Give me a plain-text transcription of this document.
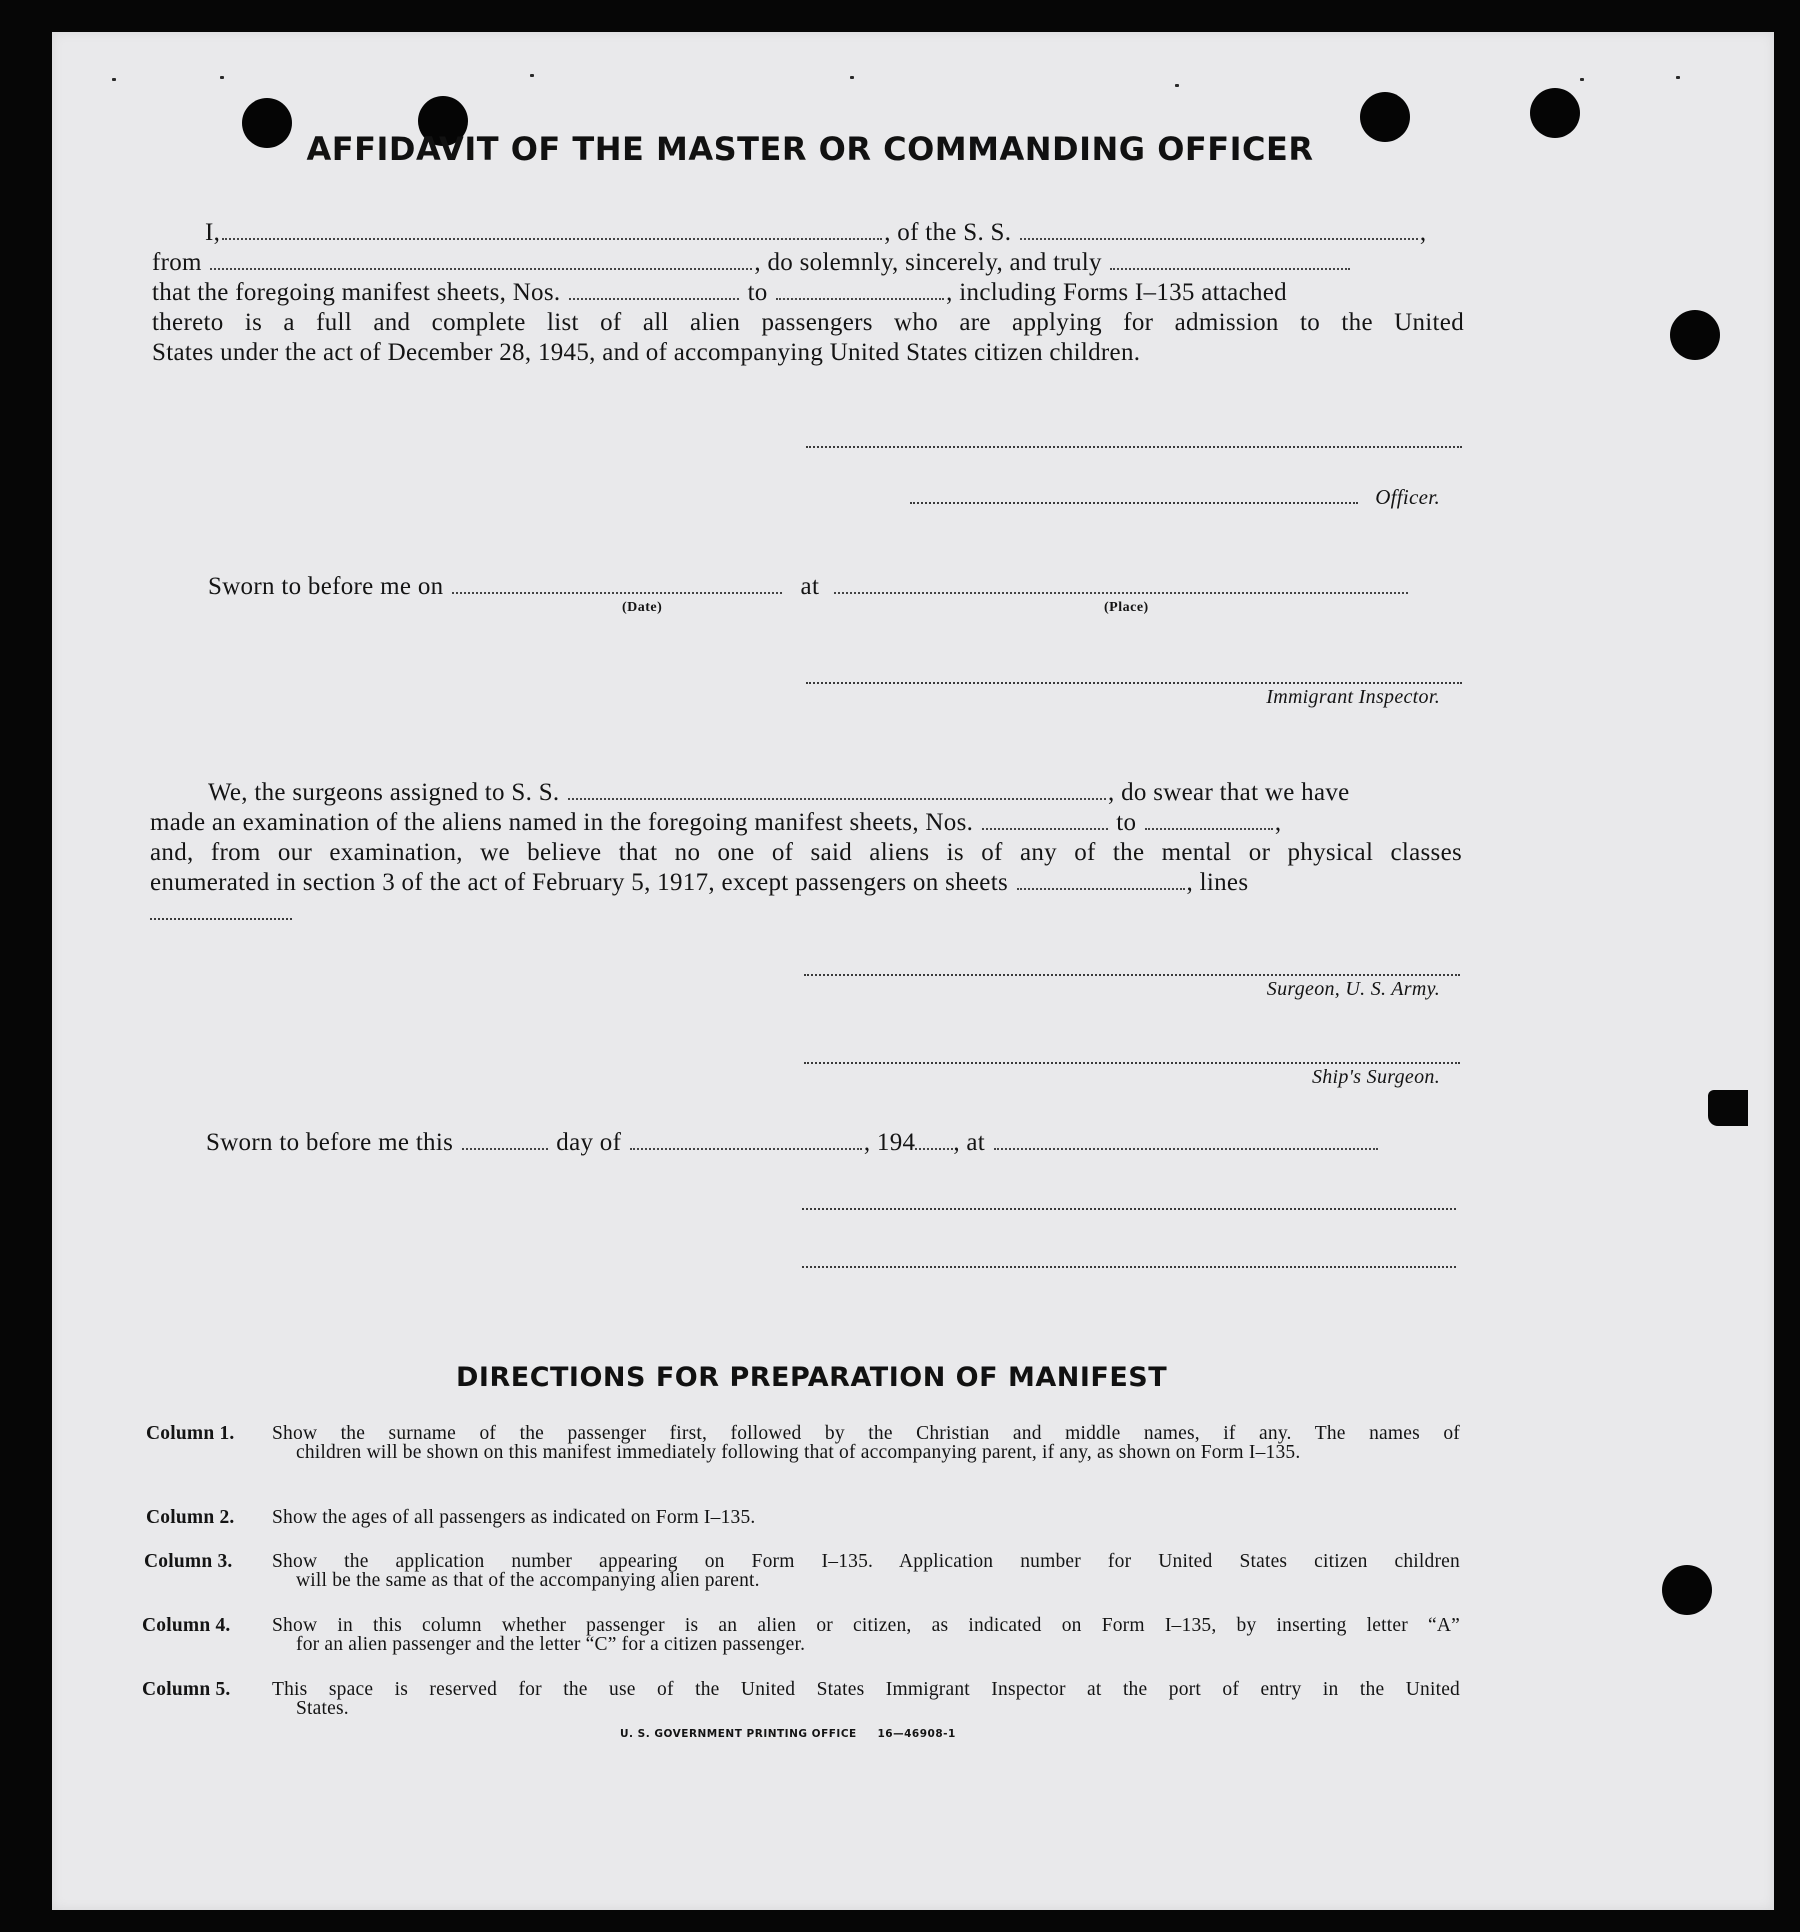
AFFIDAVIT OF THE MASTER OR COMMANDING OFFICER
I,	, of the S. S.	,
from	, do solemnly, sincerely, and truly
that the foregoing manifest sheets, Nos.	to	, including Forms I–135 attached
thereto is a full and complete list of all alien passengers who are applying for admission to the United
States under the act of December 28, 1945, and of accompanying United States citizen children.
Officer.
Sworn to before me on	at
(Date)	(Place)
Immigrant Inspector.
We, the surgeons assigned to S. S.	, do swear that we have
made an examination of the aliens named in the foregoing manifest sheets, Nos.	to	,
and, from our examination, we believe that no one of said aliens is of any of the mental or physical classes
enumerated in section 3 of the act of February 5, 1917, except passengers on sheets	, lines
Surgeon, U. S. Army.
Ship's Surgeon.
Sworn to before me this	day of	, 194 , at
DIRECTIONS FOR PREPARATION OF MANIFEST
Column 1.	Show the surname of the passenger first, followed by the Christian and middle names, if any. The names of
children will be shown on this manifest immediately following that of accompanying parent, if any, as shown on Form I–135.
Column 2.	Show the ages of all passengers as indicated on Form I–135.
Column 3.	Show the application number appearing on Form I–135. Application number for United States citizen children
will be the same as that of the accompanying alien parent.
Column 4.	Show in this column whether passenger is an alien or citizen, as indicated on Form I–135, by inserting letter “A”
for an alien passenger and the letter “C” for a citizen passenger.
Column 5.	This space is reserved for the use of the United States Immigrant Inspector at the port of entry in the United
States.
U. S. GOVERNMENT PRINTING OFFICE     16—46908-1
